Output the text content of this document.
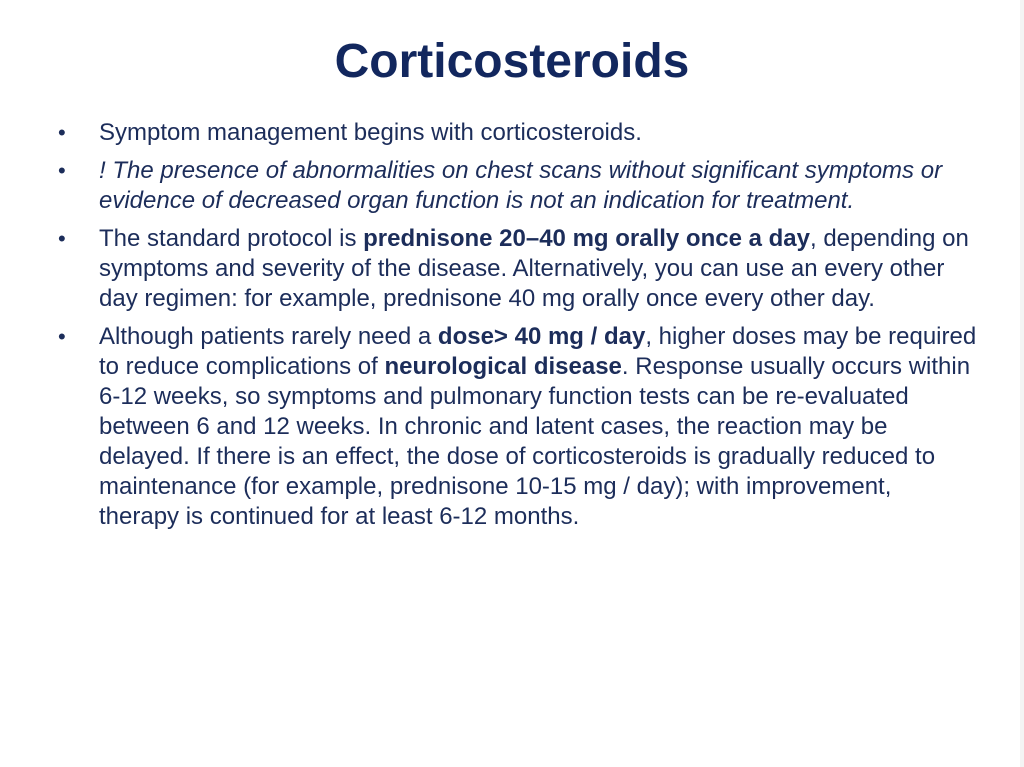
Corticosteroids
• Symptom management begins with corticosteroids.
• ! The presence of abnormalities on chest scans without significant symptoms or evidence of decreased organ function is not an indication for treatment.
• The standard protocol is prednisone 20–40 mg orally once a day, depending on symptoms and severity of the disease. Alternatively, you can use an every other day regimen: for example, prednisone 40 mg orally once every other day.
• Although patients rarely need a dose> 40 mg / day, higher doses may be required to reduce complications of neurological disease. Response usually occurs within 6-12 weeks, so symptoms and pulmonary function tests can be re-evaluated between 6 and 12 weeks. In chronic and latent cases, the reaction may be delayed. If there is an effect, the dose of corticosteroids is gradually reduced to maintenance (for example, prednisone 10-15 mg / day); with improvement, therapy is continued for at least 6-12 months.
